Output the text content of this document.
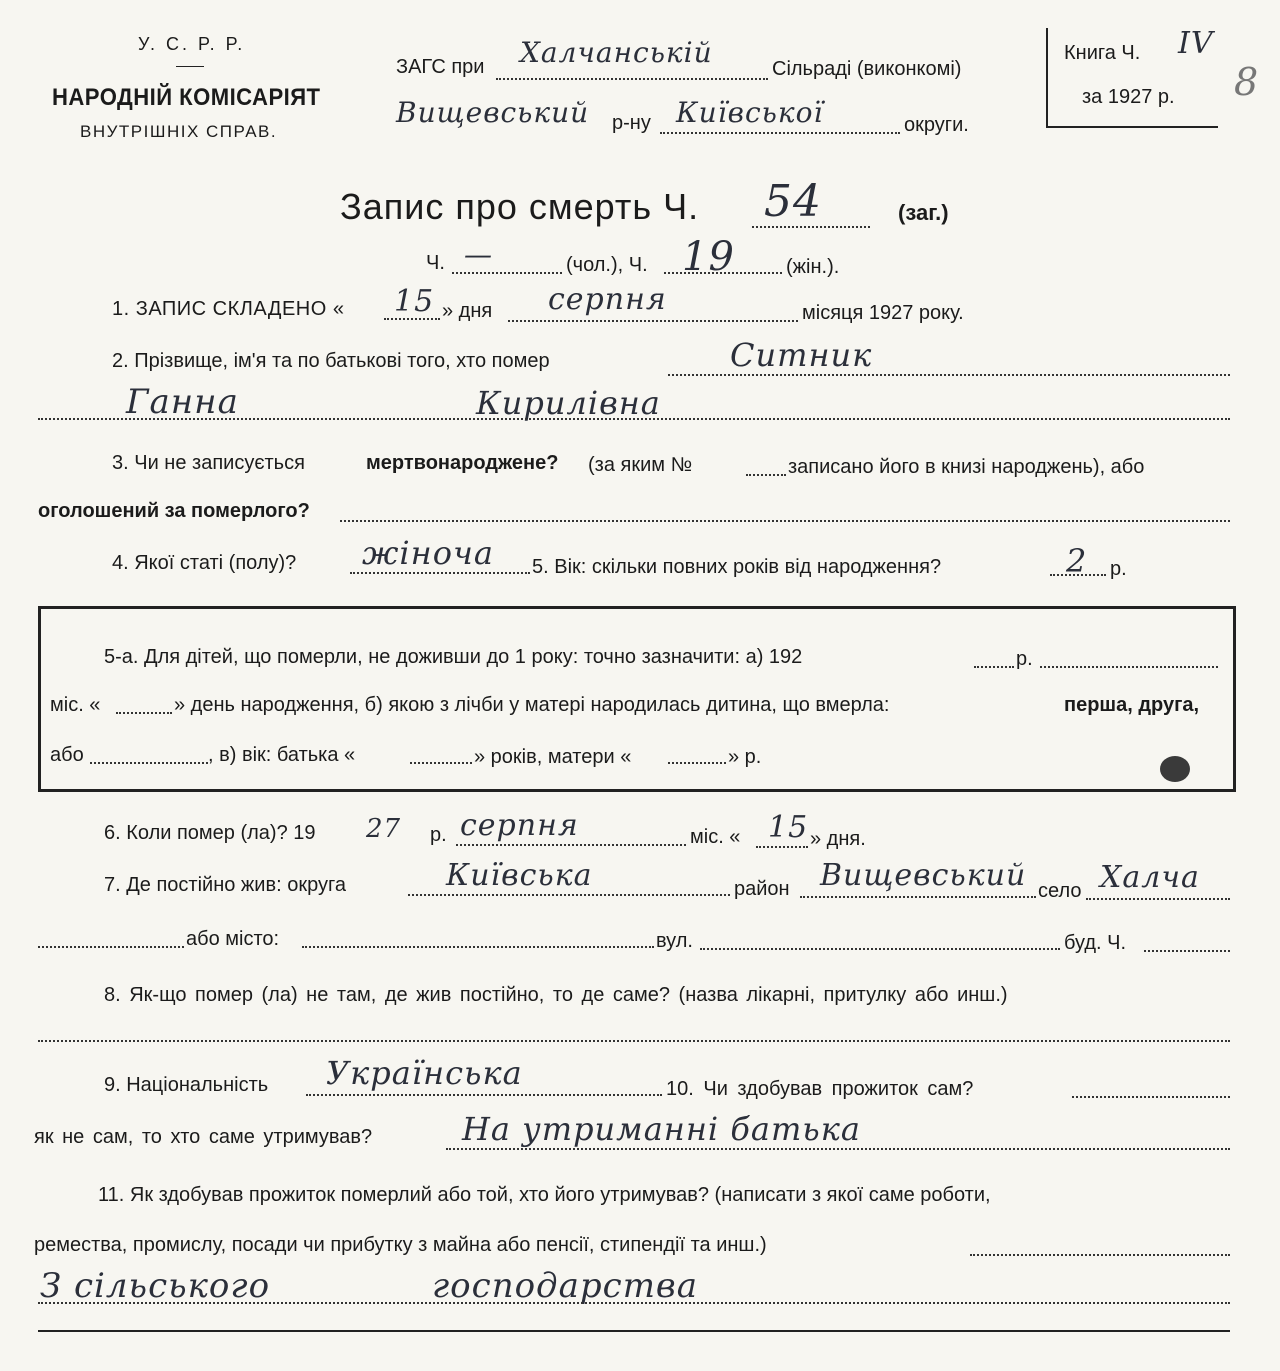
У. С. Р. Р.
НАРОДНІЙ КОМІСАРІЯТ
ВНУТРІШНІХ СПРАВ.
ЗАГС при Халчанській	Сільраді (виконкомі)
Вищевський р-ну Київської	округи.
Книга Ч. ІV
за 1927 р. 8
Запис про смерть Ч. 54	(заг.)
Ч. —	(чол.), Ч. 19	(жін.).
1. ЗАПИС СКЛАДЕНО « 15 » дня серпня	місяця 1927 року.
2. Прізвище, ім'я та по батькові того, хто помер	Ситник
Ганна	Кирилівна
3. Чи не записується	мертвонароджене? (за яким №	записано його в книзі народжень), або
оголошений за померлого?
4. Якої статі (полу)? жіноча 5. Вік: скільки повних років від народження?	2 р.
5-а. Для дітей, що померли, не доживши до 1 року: точно зазначити: а) 192	р.
міс. «	» день народження, б) якою з лічби у матері народилась дитина, що вмерла:	перша, друга,
або	, в) вік: батька «	» років, матери «	» р.
6. Коли помер (ла)? 19 27 р. серпня	міс. « 15 » дня.
7. Де постійно жив: округа	Київська	район Вищевський село Халча
або місто:	вул.	буд. Ч.
8. Як-що помер (ла) не там, де жив постійно, то де саме? (назва лікарні, притулку або инш.)
9. Національність Українська	10. Чи здобував прожиток сам?
як не сам, то хто саме утримував?	На утриманні батька
11. Як здобував прожиток померлий або той, хто його утримував? (написати з якої саме роботи,
ремества, промислу, посади чи прибутку з майна або пенсії, стипендії та инш.)
З сільського	господарства
